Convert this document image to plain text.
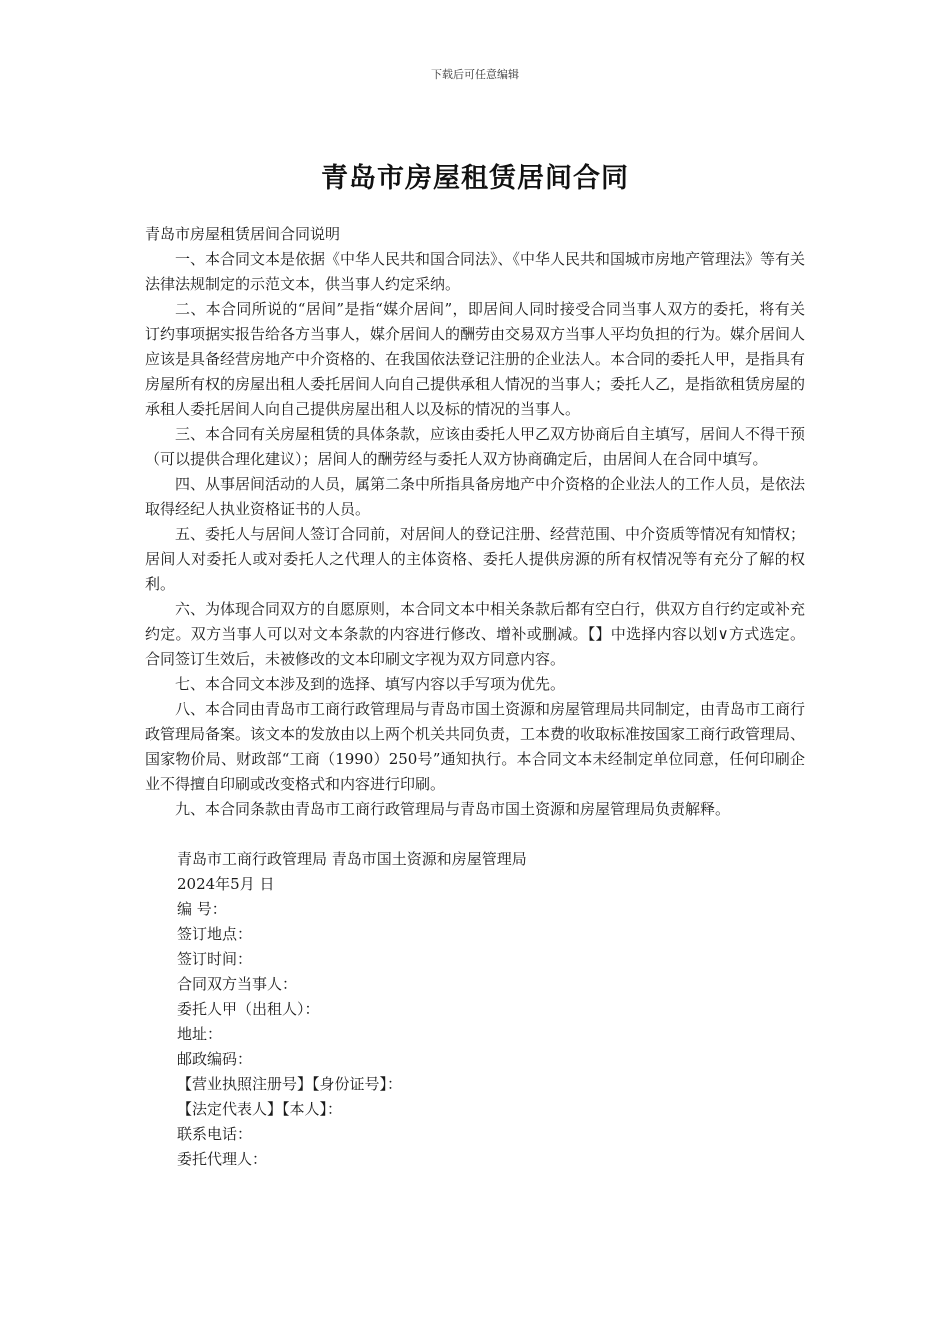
下载后可任意编辑
青岛市房屋租赁居间合同

青岛市房屋租赁居间合同说明

一、本合同文本是依据《中华人民共和国合同法》、《中华人民共和国城市房地产管理法》等有关法律法规制定的示范文本，供当事人约定采纳。

二、本合同所说的“居间”是指“媒介居间”，即居间人同时接受合同当事人双方的委托，将有关订约事项据实报告给各方当事人，媒介居间人的酬劳由交易双方当事人平均负担的行为。媒介居间人应该是具备经营房地产中介资格的、在我国依法登记注册的企业法人。本合同的委托人甲，是指具有房屋所有权的房屋出租人委托居间人向自己提供承租人情况的当事人；委托人乙，是指欲租赁房屋的承租人委托居间人向自己提供房屋出租人以及标的情况的当事人。

三、本合同有关房屋租赁的具体条款，应该由委托人甲乙双方协商后自主填写，居间人不得干预（可以提供合理化建议）；居间人的酬劳经与委托人双方协商确定后，由居间人在合同中填写。

四、从事居间活动的人员，属第二条中所指具备房地产中介资格的企业法人的工作人员，是依法取得经纪人执业资格证书的人员。

五、委托人与居间人签订合同前，对居间人的登记注册、经营范围、中介资质等情况有知情权；居间人对委托人或对委托人之代理人的主体资格、委托人提供房源的所有权情况等有充分了解的权利。

六、为体现合同双方的自愿原则，本合同文本中相关条款后都有空白行，供双方自行约定或补充约定。双方当事人可以对文本条款的内容进行修改、增补或删减。【】中选择内容以划∨方式选定。合同签订生效后，未被修改的文本印刷文字视为双方同意内容。

七、本合同文本涉及到的选择、填写内容以手写项为优先。

八、本合同由青岛市工商行政管理局与青岛市国土资源和房屋管理局共同制定，由青岛市工商行政管理局备案。该文本的发放由以上两个机关共同负责，工本费的收取标准按国家工商行政管理局、国家物价局、财政部“工商（1990）250号”通知执行。本合同文本未经制定单位同意，任何印刷企业不得擅自印刷或改变格式和内容进行印刷。

九、本合同条款由青岛市工商行政管理局与青岛市国土资源和房屋管理局负责解释。

青岛市工商行政管理局 青岛市国土资源和房屋管理局

2024年5月 日

编 号：

签订地点：

签订时间：

合同双方当事人：

委托人甲（出租人）：

地址：

邮政编码：

【营业执照注册号】【身份证号】：

【法定代表人】【本人】：

联系电话：

委托代理人：
